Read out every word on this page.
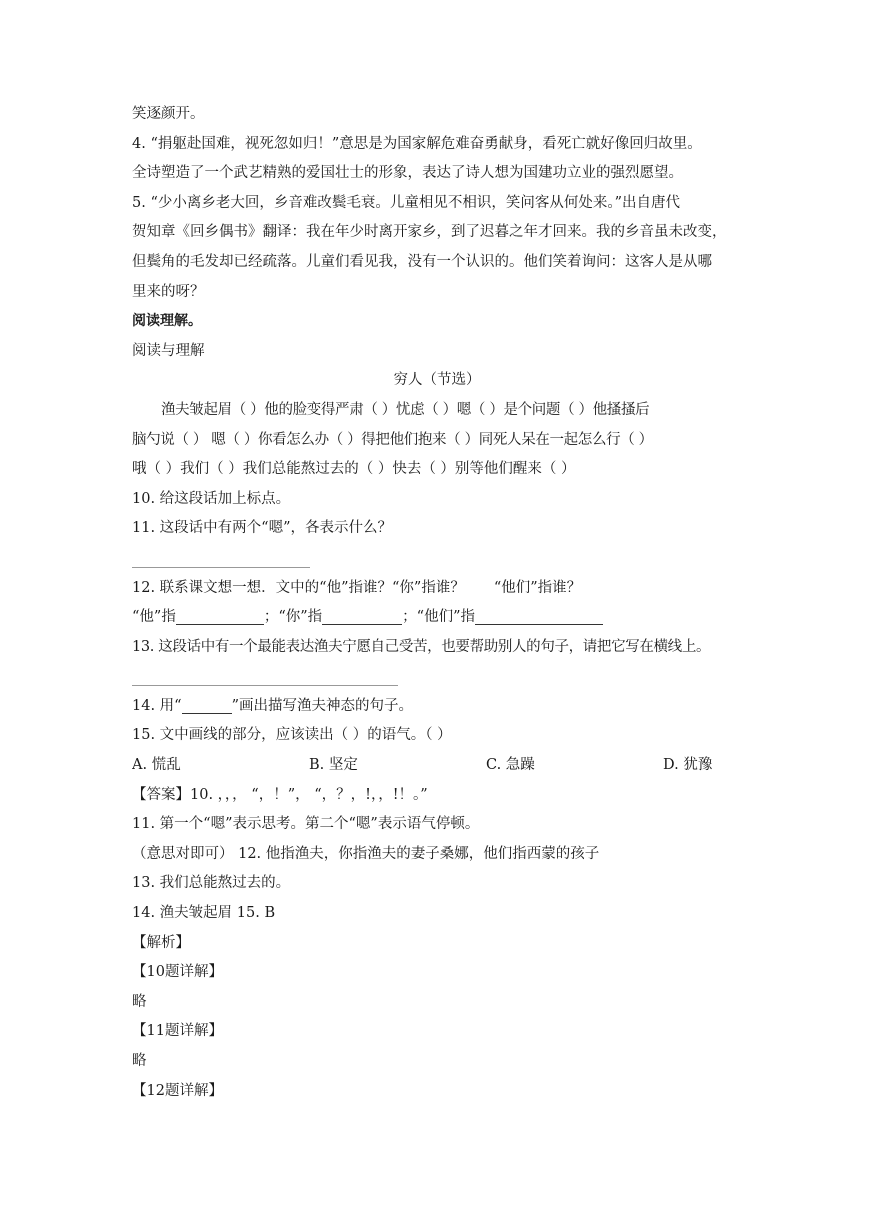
笑逐颜开。
4. “捐躯赴国难，视死忽如归！”意思是为国家解危难奋勇献身，看死亡就好像回归故里。
全诗塑造了一个武艺精熟的爱国壮士的形象，表达了诗人想为国建功立业的强烈愿望。
5. “少小离乡老大回，乡音难改鬓毛衰。儿童相见不相识，笑问客从何处来。”出自唐代
贺知章《回乡偶书》翻译：我在年少时离开家乡，到了迟暮之年才回来。我的乡音虽未改变，
但鬓角的毛发却已经疏落。儿童们看见我，没有一个认识的。他们笑着询问：这客人是从哪
里来的呀？
阅读理解。
阅读与理解
穷人（节选）
渔夫皱起眉（ ）他的脸变得严肃（ ）忧虑（ ）嗯（ ）是个问题（ ）他搔搔后
脑勺说（ ） 嗯（ ）你看怎么办（ ）得把他们抱来（ ）同死人呆在一起怎么行（ ）
哦（ ）我们（ ）我们总能熬过去的（ ）快去（ ）别等他们醒来（ ）
10. 给这段话加上标点。
11. 这段话中有两个“嗯”，各表示什么？
12. 联系课文想一想．文中的“他”指谁？“你”指谁？　　“他们”指谁？
“他”指	；“你”指	；“他们”指
13. 这段话中有一个最能表达渔夫宁愿自己受苦，也要帮助别人的句子，请把它写在横线上。
14. 用“	”画出描写渔夫神态的句子。
15. 文中画线的部分，应该读出（ ）的语气。（ ）
A. 慌乱	B. 坚定	C. 急躁	D. 犹豫
【答案】10. ，，， “，！”， “，？，!，，!！。”
11. 第一个“嗯”表示思考。第二个“嗯”表示语气停顿。
（意思对即可） 12. 他指渔夫，你指渔夫的妻子桑娜，他们指西蒙的孩子
13. 我们总能熬过去的。
14. 渔夫皱起眉 15. B
【解析】
【10题详解】
略
【11题详解】
略
【12题详解】
